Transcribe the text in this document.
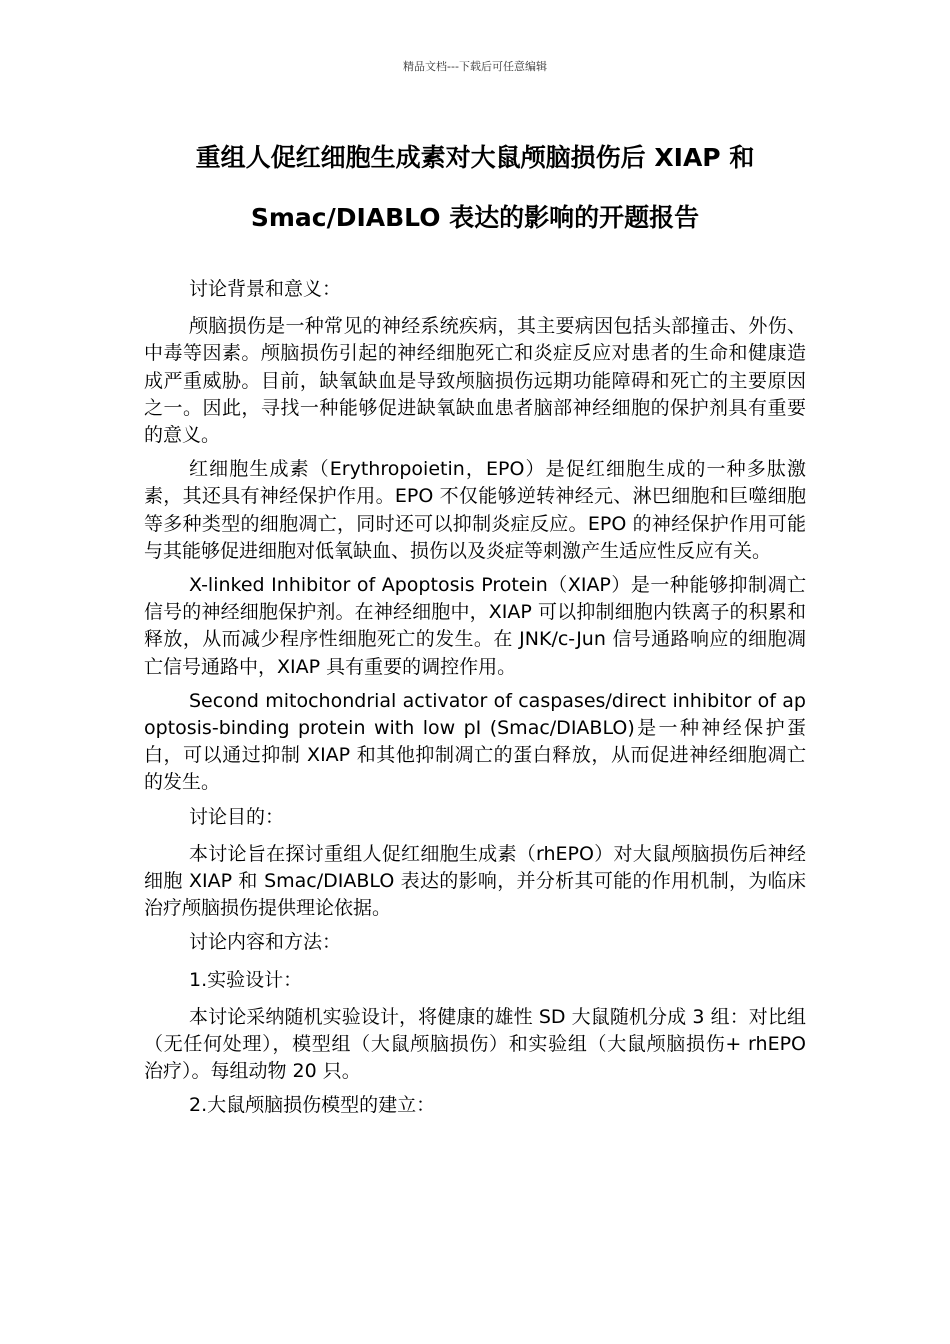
精品文档---下载后可任意编辑
重组人促红细胞生成素对大鼠颅脑损伤后 XIAP 和
Smac/DIABLO 表达的影响的开题报告

讨论背景和意义：

颅脑损伤是一种常见的神经系统疾病，其主要病因包括头部撞击、外伤、中毒等因素。颅脑损伤引起的神经细胞死亡和炎症反应对患者的生命和健康造成严重威胁。目前，缺氧缺血是导致颅脑损伤远期功能障碍和死亡的主要原因之一。因此，寻找一种能够促进缺氧缺血患者脑部神经细胞的保护剂具有重要的意义。

红细胞生成素（Erythropoietin，EPO）是促红细胞生成的一种多肽激素，其还具有神经保护作用。EPO 不仅能够逆转神经元、淋巴细胞和巨噬细胞等多种类型的细胞凋亡，同时还可以抑制炎症反应。EPO 的神经保护作用可能与其能够促进细胞对低氧缺血、损伤以及炎症等刺激产生适应性反应有关。

X-linked Inhibitor of Apoptosis Protein（XIAP）是一种能够抑制凋亡信号的神经细胞保护剂。在神经细胞中，XIAP 可以抑制细胞内铁离子的积累和释放，从而减少程序性细胞死亡的发生。在 JNK/c-Jun 信号通路响应的细胞凋亡信号通路中，XIAP 具有重要的调控作用。

Second mitochondrial activator of caspases/direct inhibitor of apoptosis-binding protein with low pI (Smac/DIABLO)是一种神经保护蛋白，可以通过抑制 XIAP 和其他抑制凋亡的蛋白释放，从而促进神经细胞凋亡的发生。

讨论目的：

本讨论旨在探讨重组人促红细胞生成素（rhEPO）对大鼠颅脑损伤后神经细胞 XIAP 和 Smac/DIABLO 表达的影响，并分析其可能的作用机制，为临床治疗颅脑损伤提供理论依据。

讨论内容和方法：

1.实验设计：

本讨论采纳随机实验设计，将健康的雄性 SD 大鼠随机分成 3 组：对比组（无任何处理），模型组（大鼠颅脑损伤）和实验组（大鼠颅脑损伤+ rhEPO 治疗）。每组动物 20 只。

2.大鼠颅脑损伤模型的建立：
